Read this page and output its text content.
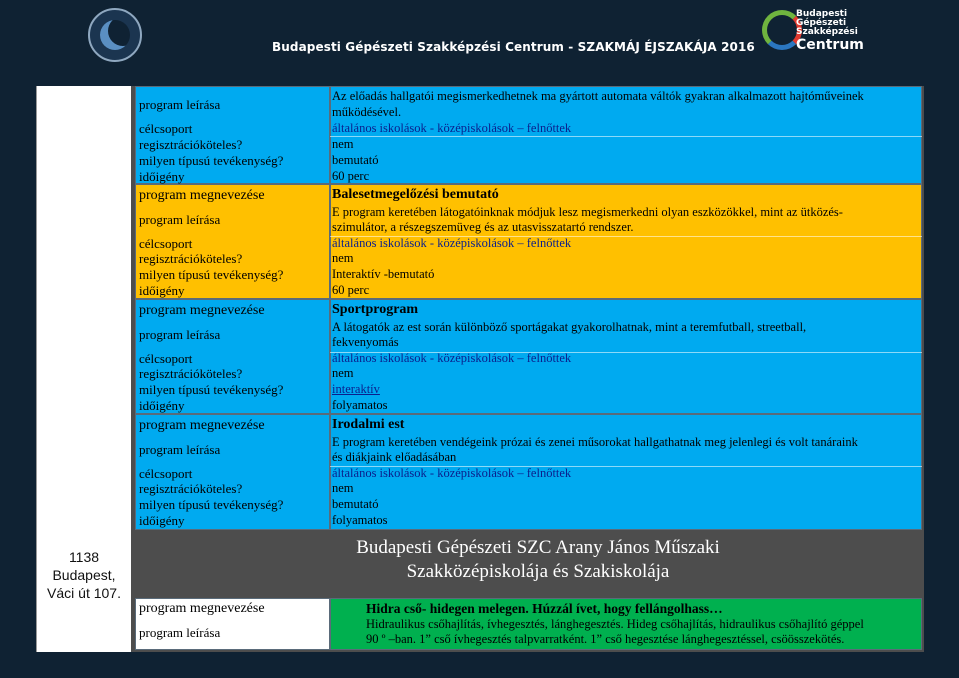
Budapesti Gépészeti Szakképzési Centrum - SZAKMÁJ ÉJSZAKÁJA 2016
Budapesti
Gépészeti
Szakképzési
Centrum
1138 Budapest, Váci út 107.
program leírása
célcsoport
regisztrációköteles?
milyen típusú tevékenység?
időigény
program megnevezése
program leírása
célcsoport
regisztrációköteles?
milyen típusú tevékenység?
időigény
program megnevezése
program leírása
célcsoport
regisztrációköteles?
milyen típusú tevékenység?
időigény
program megnevezése
program leírása
célcsoport
regisztrációköteles?
milyen típusú tevékenység?
időigény
program megnevezése
program leírása
Az előadás hallgatói megismerkedhetnek ma gyártott automata váltók gyakran alkalmazott hajtóműveinek
működésével.
általános iskolások - középiskolások – felnőttek
nem
bemutató
60 perc
Balesetmegelőzési bemutató
E program keretében látogatóinknak módjuk lesz megismerkedni olyan eszközökkel, mint az ütközés-
szimulátor, a részegszemüveg és az utasvisszatartó rendszer.
általános iskolások - középiskolások – felnőttek
nem
Interaktív -bemutató
60 perc
Sportprogram
A látogatók az est során különböző sportágakat gyakorolhatnak, mint a teremfutball, streetball,
fekvenyomás
általános iskolások - középiskolások – felnőttek
nem
interaktív
folyamatos
Irodalmi est
E program keretében vendégeink prózai és zenei műsorokat hallgathatnak meg jelenlegi és volt tanáraink
és diákjaink előadásában
általános iskolások - középiskolások – felnőttek
nem
bemutató
folyamatos
Budapesti Gépészeti SZC Arany János Műszaki
Szakközépiskolája és Szakiskolája
Hidra cső- hidegen melegen. Húzzál ívet, hogy fellángolhass…
Hidraulikus csőhajlítás, ívhegesztés, lánghegesztés. Hideg csőhajlítás, hidraulikus csőhajlító géppel
90 º –ban. 1” cső ívhegesztés talpvarratként. 1” cső hegesztése lánghegesztéssel, csöösszekötés.
